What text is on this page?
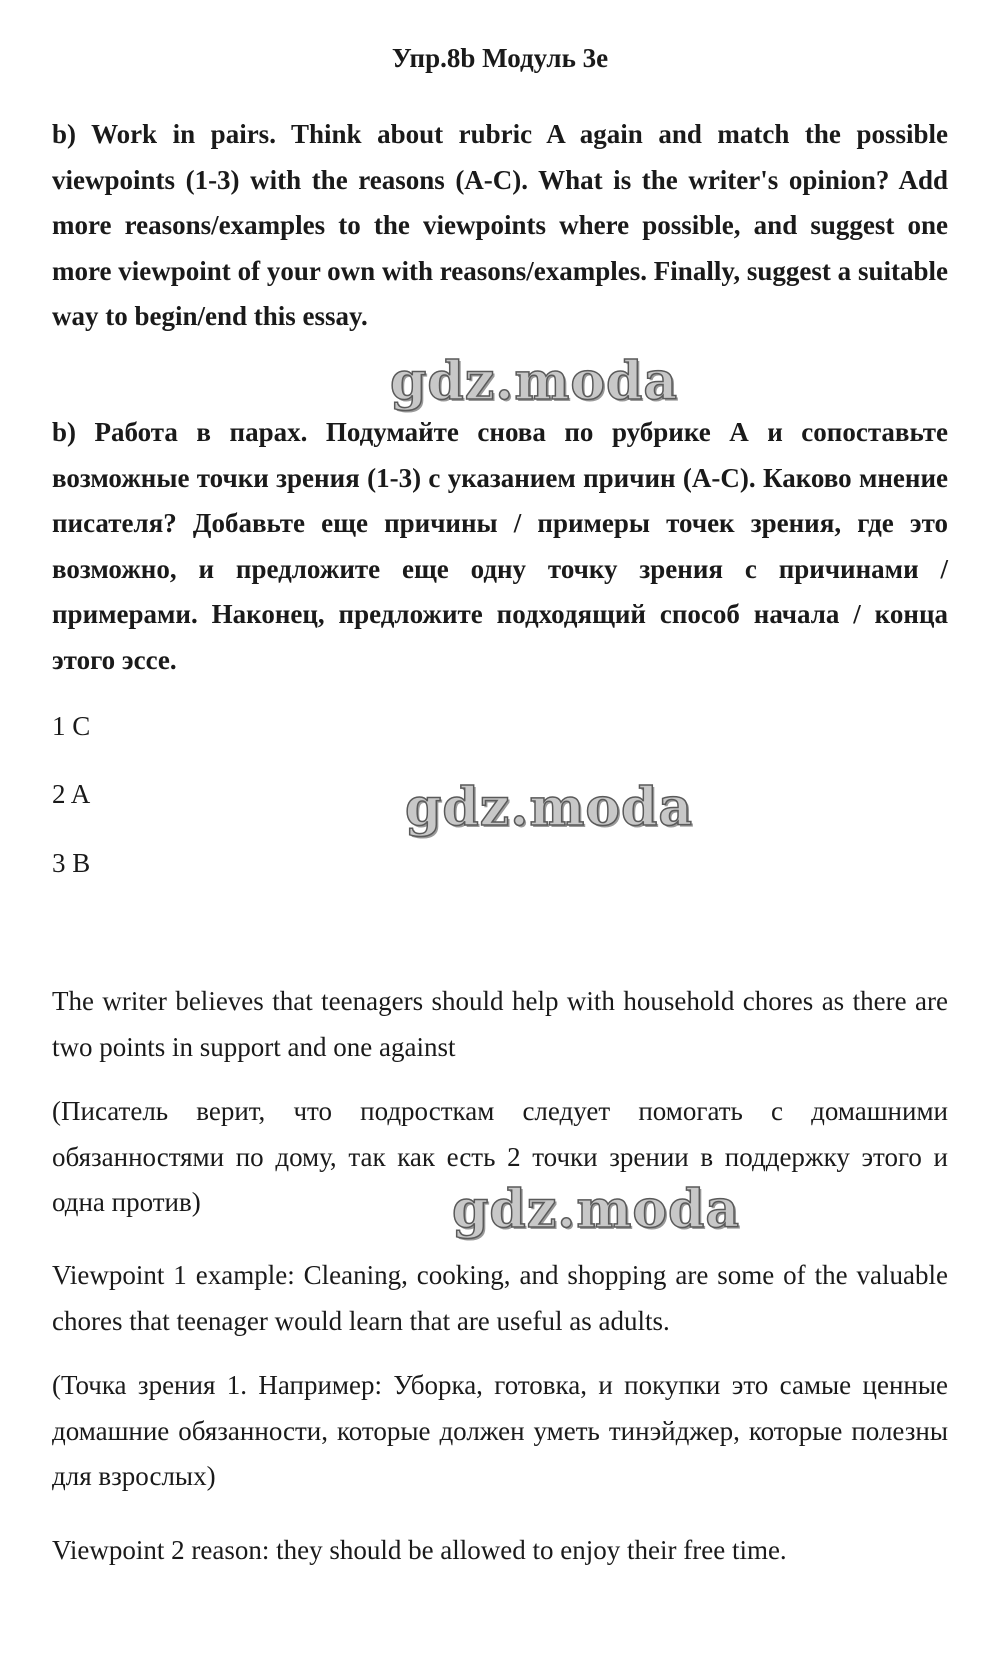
Упр.8b Модуль 3e
b) Work in pairs. Think about rubric A again and match the possible viewpoints (1-3) with the reasons (A-C). What is the writer's opinion? Add more reasons/examples to the viewpoints where possible, and suggest one more viewpoint of your own with reasons/examples. Finally, suggest a suitable way to begin/end this essay.
b) Работа в парах. Подумайте снова по рубрике А и сопоставьте возможные точки зрения (1-3) с указанием причин (A-C). Каково мнение писателя? Добавьте еще причины / примеры точек зрения, где это возможно, и предложите еще одну точку зрения с причинами / примерами. Наконец, предложите подходящий способ начала / конца этого эссе.
1 C
2 A
3 B
The writer believes that teenagers should help with household chores as there are two points in support and one against
(Писатель верит, что подросткам следует помогать с домашними обязанностями по дому, так как есть 2 точки зрении в поддержку этого и одна против)
Viewpoint 1 example: Cleaning, cooking, and shopping are some of the valuable chores that teenager would learn that are useful as adults.
(Точка зрения 1. Например: Уборка, готовка, и покупки это самые ценные домашние обязанности, которые должен уметь тинэйджер, которые полезны для взрослых)
Viewpoint 2 reason: they should be allowed to enjoy their free time.
gdz.moda
gdz.moda
gdz.moda
